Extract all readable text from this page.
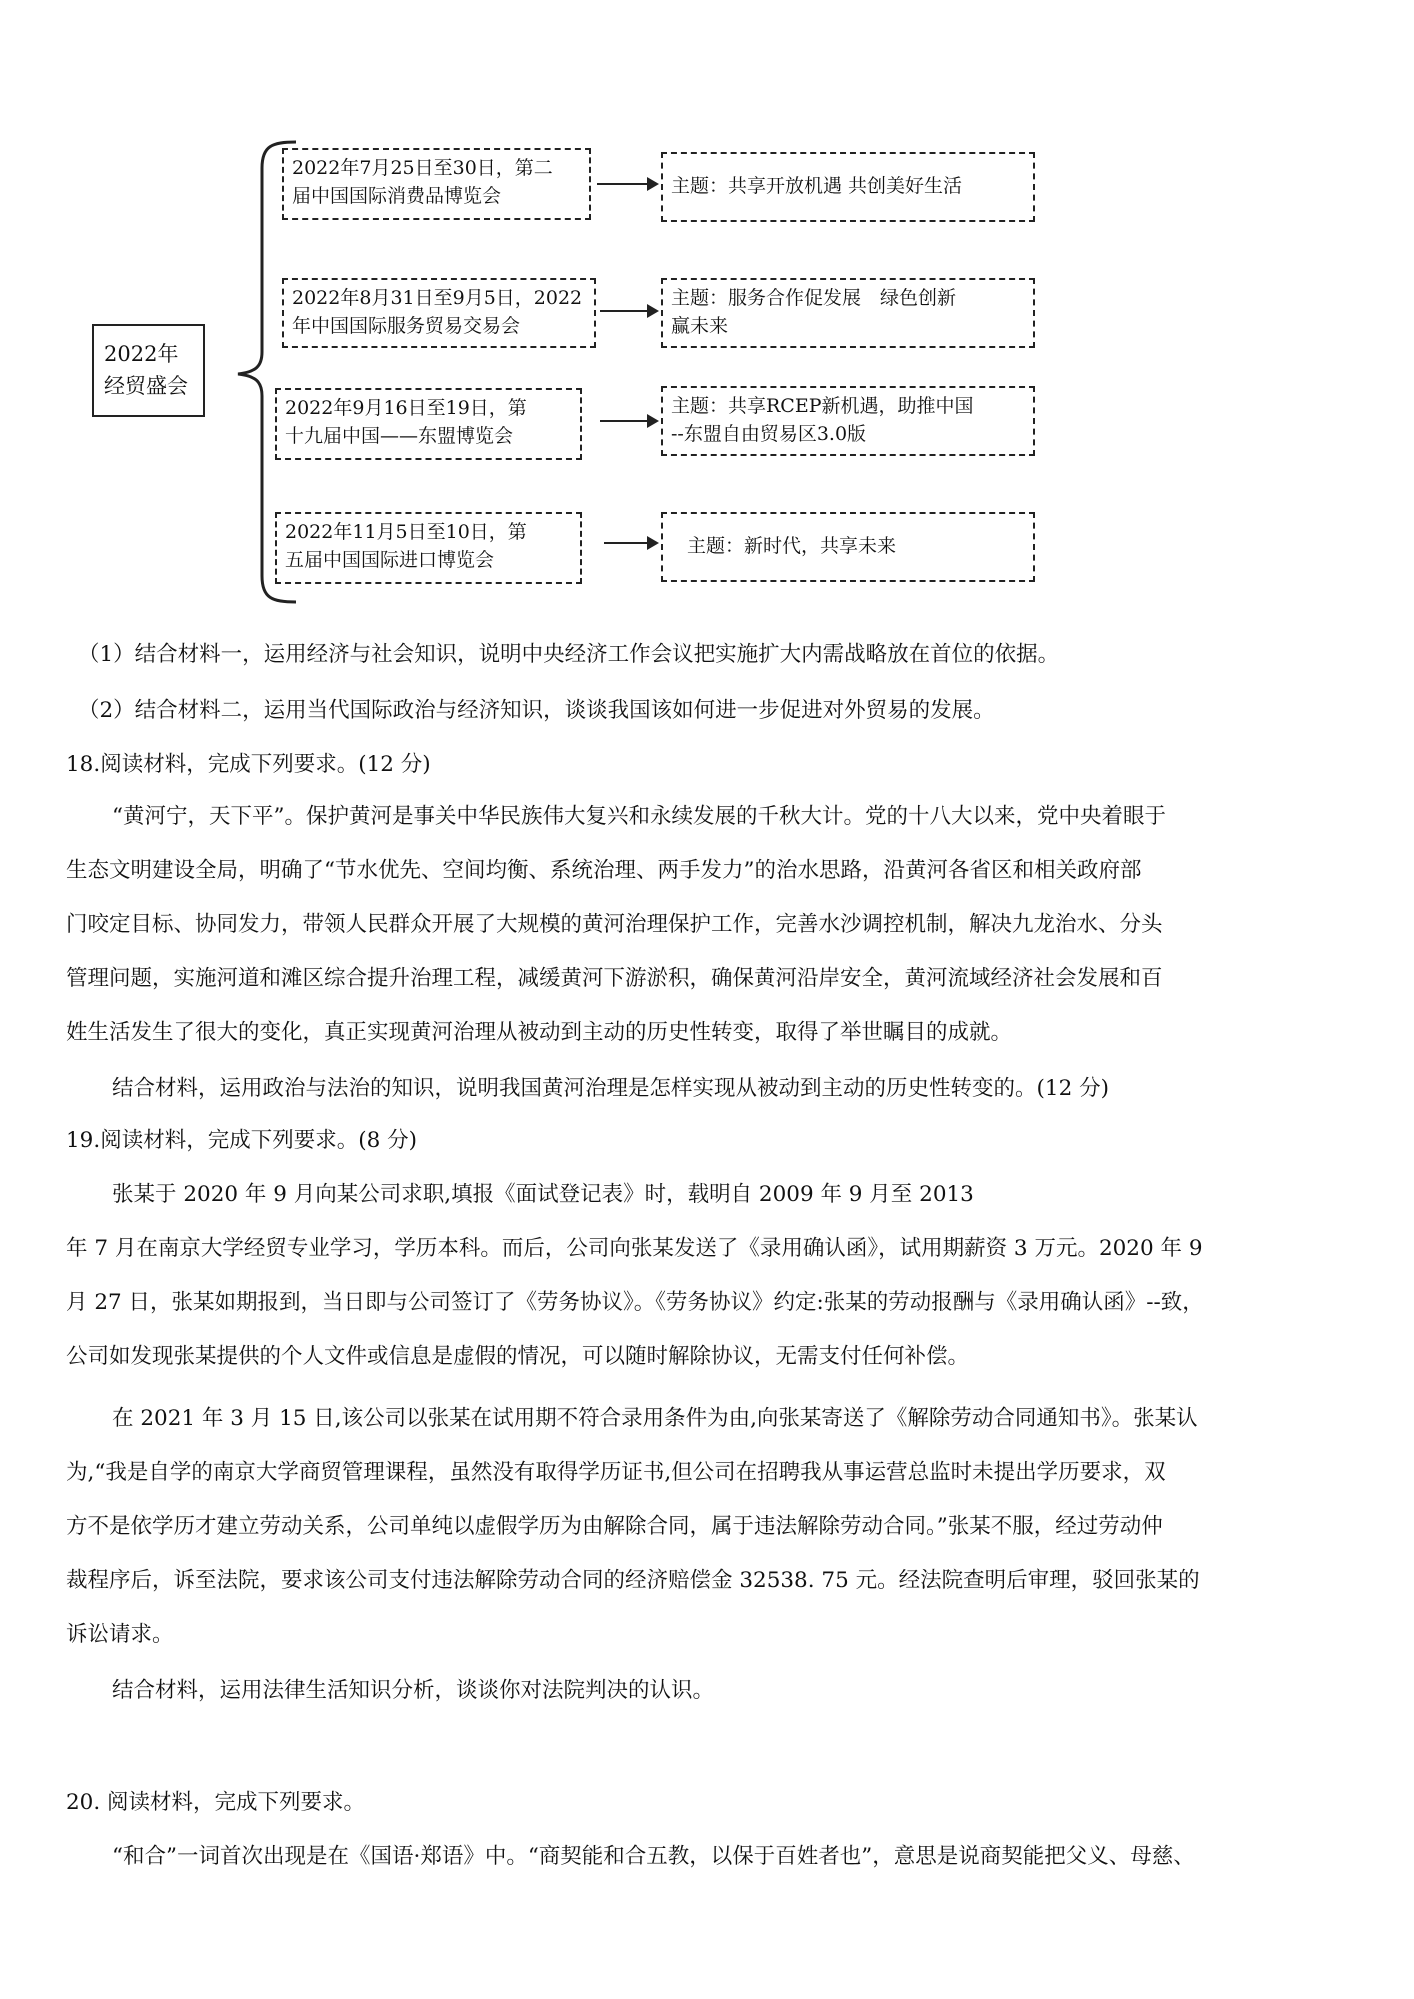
2022年
经贸盛会
2022年7月25日至30日，第二
届中国国际消费品博览会	主题：共享开放机遇 共创美好生活
2022年8月31日至9月5日，2022
年中国国际服务贸易交易会
主题：服务合作促发展　绿色创新
赢未来
2022年9月16日至19日，第
十九届中国——东盟博览会
主题：共享RCEP新机遇，助推中国
--东盟自由贸易区3.0版
2022年11月5日至10日，第
五届中国国际进口博览会
主题：新时代，共享未来
（1）结合材料一，运用经济与社会知识，说明中央经济工作会议把实施扩大内需战略放在首位的依据。
（2）结合材料二，运用当代国际政治与经济知识，谈谈我国该如何进一步促进对外贸易的发展。
18.阅读材料，完成下列要求。(12 分)
“黄河宁，天下平”。保护黄河是事关中华民族伟大复兴和永续发展的千秋大计。党的十八大以来，党中央着眼于
生态文明建设全局，明确了“节水优先、空间均衡、系统治理、两手发力”的治水思路，沿黄河各省区和相关政府部
门咬定目标、协同发力，带领人民群众开展了大规模的黄河治理保护工作，完善水沙调控机制，解决九龙治水、分头
管理问题，实施河道和滩区综合提升治理工程，减缓黄河下游淤积，确保黄河沿岸安全，黄河流域经济社会发展和百
姓生活发生了很大的变化，真正实现黄河治理从被动到主动的历史性转变，取得了举世瞩目的成就。
结合材料，运用政治与法治的知识，说明我国黄河治理是怎样实现从被动到主动的历史性转变的。(12 分)
19.阅读材料，完成下列要求。(8 分)
张某于 2020 年 9 月向某公司求职,填报《面试登记表》时，载明自 2009 年 9 月至 2013
年 7 月在南京大学经贸专业学习，学历本科。而后，公司向张某发送了《录用确认函》，试用期薪资 3 万元。2020 年 9
月 27 日，张某如期报到，当日即与公司签订了《劳务协议》。《劳务协议》约定:张某的劳动报酬与《录用确认函》--致，
公司如发现张某提供的个人文件或信息是虚假的情况，可以随时解除协议，无需支付任何补偿。
在 2021 年 3 月 15 日,该公司以张某在试用期不符合录用条件为由,向张某寄送了《解除劳动合同通知书》。张某认
为,“我是自学的南京大学商贸管理课程，虽然没有取得学历证书,但公司在招聘我从事运营总监时未提出学历要求，双
方不是依学历才建立劳动关系，公司单纯以虚假学历为由解除合同，属于违法解除劳动合同。”张某不服，经过劳动仲
裁程序后，诉至法院，要求该公司支付违法解除劳动合同的经济赔偿金 32538. 75 元。经法院查明后审理，驳回张某的
诉讼请求。
结合材料，运用法律生活知识分析，谈谈你对法院判决的认识。
20. 阅读材料，完成下列要求。
“和合”一词首次出现是在《国语·郑语》中。“商契能和合五教，以保于百姓者也”，意思是说商契能把父义、母慈、
